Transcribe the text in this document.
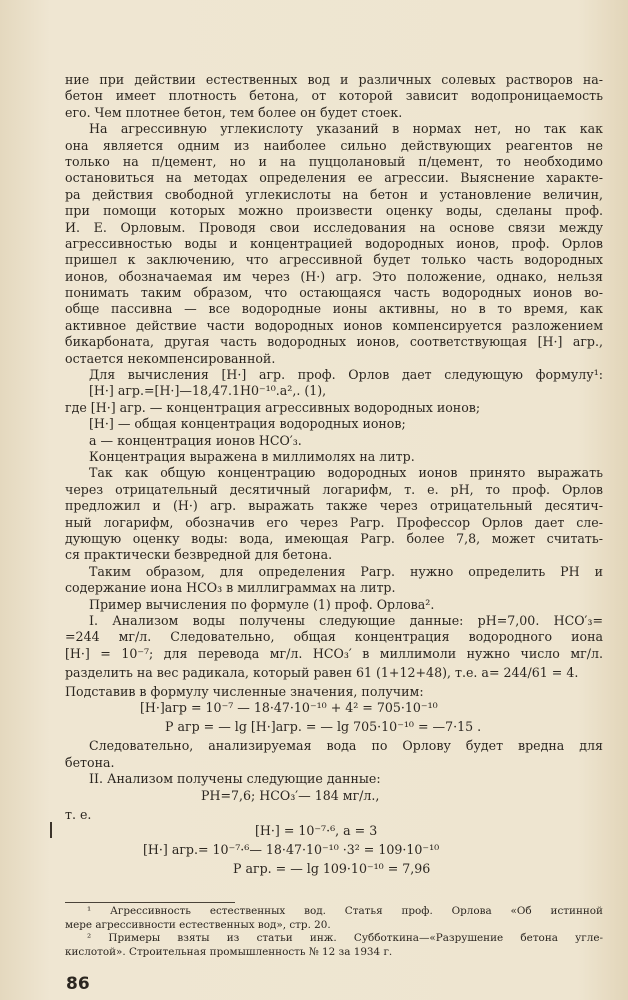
ние при действии естественных вод и различных солевых растворов на-
бетон имеет плотность бетона, от которой зависит водопроницаемость
его. Чем плотнее бетон, тем более он будет стоек.
На агрессивную углекислоту указаний в нормах нет, но так как
она является одним из наиболее сильно действующих реагентов не
только на п/цемент, но и на пуццолановый п/цемент, то необходимо
остановиться на методах определения ее агрессии. Выяснение характе-
ра действия свободной углекислоты на бетон и установление величин,
при помощи которых можно произвести оценку воды, сделаны проф.
И. Е. Орловым. Проводя свои исследования на основе связи между
агрессивностью воды и концентрацией водородных ионов, проф. Орлов
пришел к заключению, что агрессивной будет только часть водородных
ионов, обозначаемая им через (Н·) агр. Это положение, однако, нельзя
понимать таким образом, что остающаяся часть водородных ионов во-
обще пассивна — все водородные ионы активны, но в то время, как
активное действие части водородных ионов компенсируется разложением
бикарбоната, другая часть водородных ионов, соответствующая [Н·] агр.,
остается некомпенсированной.
Для вычисления [Н·] агр. проф. Орлов дает следующую формулу¹:
[Н·] агр.=[Н·]—18,47.1Н0⁻¹⁰.а²,. (1),
где [Н·] агр. — концентрация агрессивных водородных ионов;
[Н·] — общая концентрация водородных ионов;
а — концентрация ионов НСО′₃.
Концентрация выражена в миллимолях на литр.
Так как общую концентрацию водородных ионов принято выражать
через отрицательный десятичный логарифм, т. е. рН, то проф. Орлов
предложил и (Н·) агр. выражать также через отрицательный десятич-
ный логарифм, обозначив его через Рагр. Профессор Орлов дает сле-
дующую оценку воды: вода, имеющая Рагр. более 7,8, может считать-
ся практически безвредной для бетона.
Таким образом, для определения Рагр. нужно определить РН и
содержание иона НСО₃ в миллиграммах на литр.
Пример вычисления по формуле (1) проф. Орлова².
I. Анализом воды получены следующие данные: рН=7,00. НСО′₃=
=244 мг/л. Следовательно, общая концентрация водородного иона
[Н·] = 10⁻⁷; для перевода мг/л. НСО₃′ в миллимоли нужно число мг/л.
разделить на вес радикала, который равен 61 (1+12+48), т.е. а= 244/61 = 4.
Подставив в формулу численные значения, получим:
[Н·]агр = 10⁻⁷ — 18·47·10⁻¹⁰ + 4² = 705·10⁻¹⁰
Р агр = — lg [Н·]агр. = — lg 705·10⁻¹⁰ = —7·15 .
Следовательно, анализируемая вода по Орлову будет вредна для
бетона.
II. Анализом получены следующие данные:
РН=7,6; НСО₃′— 184 мг/л.,
т. е.
[Н·] = 10⁻⁷·⁶, а = 3
[Н·] агр.= 10⁻⁷·⁶— 18·47·10⁻¹⁰ ·3² = 109·10⁻¹⁰
Р агр. = — lg 109·10⁻¹⁰ = 7,96
¹ Агрессивность естественных вод. Статья проф. Орлова «Об истинной
мере агрессивности естественных вод», стр. 20.
² Примеры взяты из статьи инж. Субботкина—«Разрушение бетона угле-
кислотой». Строительная промышленность № 12 за 1934 г.
86
